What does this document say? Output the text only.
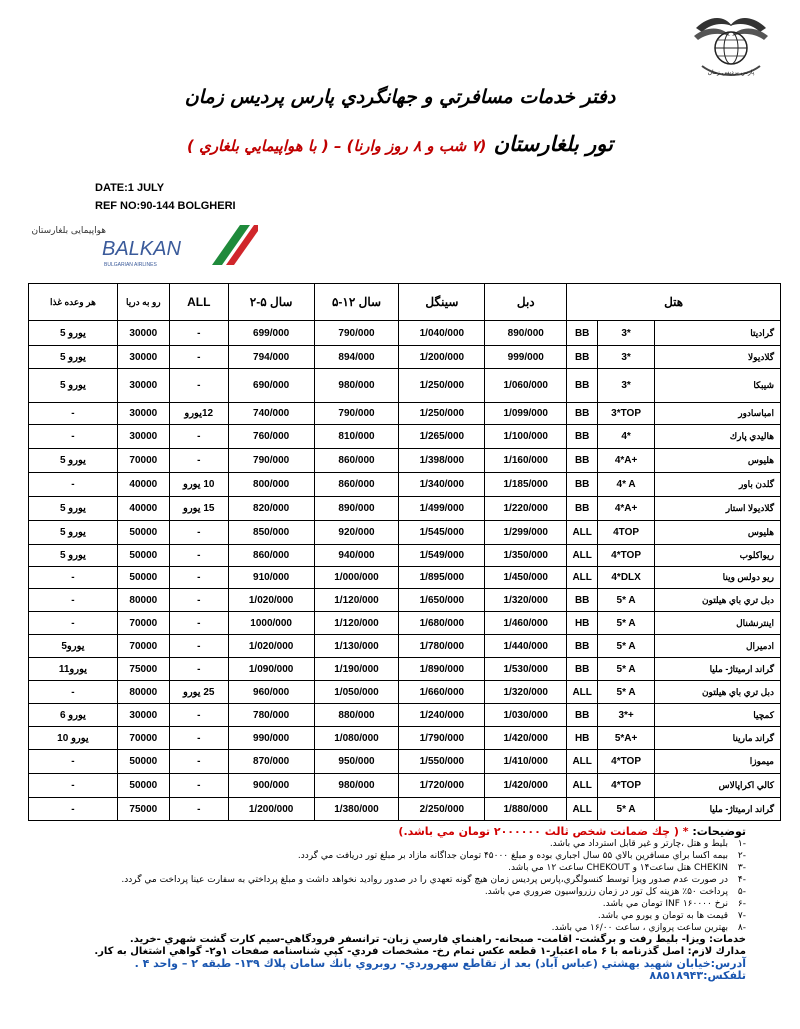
پارس پرديس زمان
دفتر خدمات مسافرتي و جهانگردي پارس پرديس زمان
تور بلغارستان (۷ شب و ۸ روز وارنا) – ( با هواپيمايي بلغاري )
DATE:1 JULY
REF NO:90-144 BOLGHERI
هواپیمایی بلغارستان
BALKAN
BULGARIAN AIRLINES
هر وعده غذا	رو به دريا	ALL	۲-۵ سال	۵-۱۲ سال	سينگل	دبل	هتل		
5 يورو	30000	-	699/000	790/000	1/040/000	890/000	BB	3*	گراديتا
5 يورو	30000	-	794/000	894/000	1/200/000	999/000	BB	3*	گلاديولا
5 يورو	30000	-	690/000	980/000	1/250/000	1/060/000	BB	3*	شيبكا
-	30000	12يورو	740/000	790/000	1/250/000	1/099/000	BB	3*TOP	امباسادور
-	30000	-	760/000	810/000	1/265/000	1/100/000	BB	4*	هاليدي پارك
5 يورو	70000	-	790/000	860/000	1/398/000	1/160/000	BB	4*A+	هليوس
-	40000	10 يورو	800/000	860/000	1/340/000	1/185/000	BB	4* A	گلدن باور
5 يورو	40000	15 يورو	820/000	890/000	1/499/000	1/220/000	BB	4*A+	گلاديولا استار
5 يورو	50000	-	850/000	920/000	1/545/000	1/299/000	ALL	4TOP	هليوس
5 يورو	50000	-	860/000	940/000	1/549/000	1/350/000	ALL	4*TOP	ريواكلوب
-	50000	-	910/000	1/000/000	1/895/000	1/450/000	ALL	4*DLX	ريو دولس وينا
-	80000	-	1/020/000	1/120/000	1/650/000	1/320/000	BB	5* A	دبل تري باي هيلتون
-	70000	-	1000/000	1/120/000	1/680/000	1/460/000	HB	5* A	اينترنشنال
5يورو	70000	-	1/020/000	1/130/000	1/780/000	1/440/000	BB	5* A	ادميرال
11يورو	75000	-	1/090/000	1/190/000	1/890/000	1/530/000	BB	5* A	گراند ارميتاژ- مليا
-	80000	25 يورو	960/000	1/050/000	1/660/000	1/320/000	ALL	5* A	دبل تري باي هيلتون
6 يورو	30000	-	780/000	880/000	1/240/000	1/030/000	BB	3*+	كمچيا
10 يورو	70000	-	990/000	1/080/000	1/790/000	1/420/000	HB	5*A+	گراند مارينا
-	50000	-	870/000	950/000	1/550/000	1/410/000	ALL	4*TOP	ميموزا
-	50000	-	900/000	980/000	1/720/000	1/420/000	ALL	4*TOP	كالي اكراپالاس
-	75000	-	1/200/000	1/380/000	2/250/000	1/880/000	ALL	5* A	گراند ارميتاژ- مليا
توضيحات: * ( چك ضمانت شخص ثالث ۲۰۰۰۰۰۰ تومان مي باشد.)
-۱
بليط و هتل ،چارتر و غير قابل استرداد مي باشد.
-۲
بيمه اكسا براي مسافرين بالاي ۵۵ سال اجباري بوده و مبلغ ۴۵۰۰۰ تومان جداگانه مازاد بر مبلغ تور دريافت مي گردد.
-۳
CHEKIN هتل ساعت۱۴ و CHEKOUT ساعت ۱۲ مي باشد.
-۴
در صورت عدم صدور ويزا توسط كنسولگري،پارس پرديس زمان هيچ گونه تعهدي را در صدور رواديد نخواهد داشت و مبلغ پرداختي به سفارت عينا پرداخت مي گردد.
-۵
پرداخت ۵۰٪ هزينه كل تور در زمان رزرواسيون ضروري مي باشد.
-۶
نرخ INF ۱۶۰۰۰۰ تومان مي باشد.
-۷
قيمت ها به تومان و يورو مي باشد.
-۸
بهترين ساعت پروازي ، ساعت ۱۶/۰۰ مي باشد.
خدمات: ويزا- بليط رفت و برگشت- اقامت- صبحانه- راهنماي فارسي زبان- ترانسفر فرودگاهي-سيم كارت گشت شهري -خريد.
مدارك لازم: اصل گذرنامه با ۶ ماه اعتبار-۱ قطعه عكس تمام رخ- مشخصات فردي- كپي شناسنامه صفحات ۱و۲- گواهي اشتغال به كار.
آدرس:خيابان شهيد بهشتي (عباس آباد) بعد از تقاطع سهروردي- روبروي بانك سامان پلاك ۱۳۹- طبقه ۲ – واحد ۴ .
تلفكس:۸۸۵۱۸۹۴۳
